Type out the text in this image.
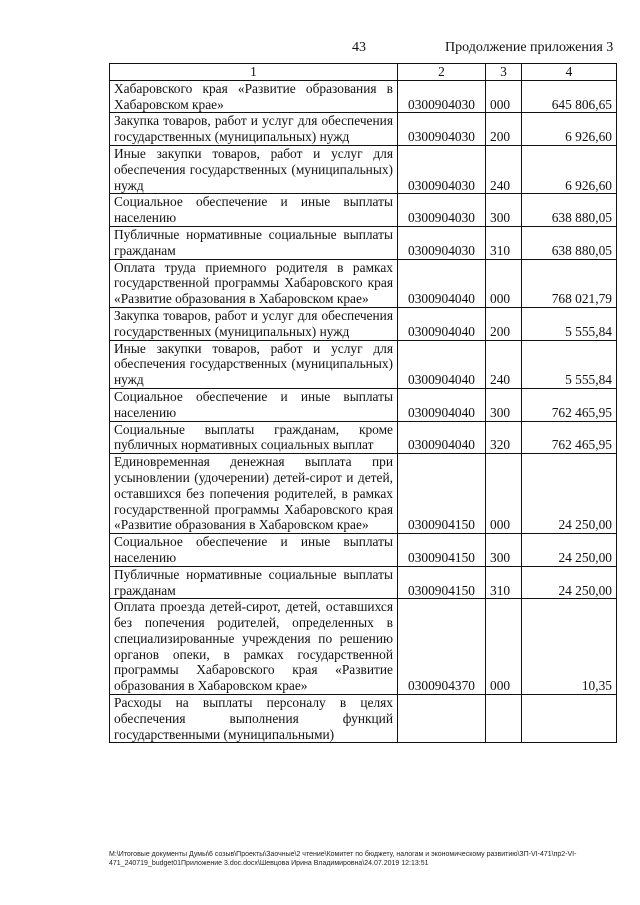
43	Продолжение приложения 3
1	2	3	4
Хабаровского края «Развитие образования в Хабаровском крае»	0300904030	000	645 806,65
Закупка товаров, работ и услуг для обеспечения государственных (муниципальных) нужд	0300904030	200	6 926,60
Иные закупки товаров, работ и услуг для обеспечения государственных (муниципальных) нужд	0300904030	240	6 926,60
Социальное обеспечение и иные выплаты населению	0300904030	300	638 880,05
Публичные нормативные социальные выплаты гражданам	0300904030	310	638 880,05
Оплата труда приемного родителя в рамках государственной программы Хабаровского края «Развитие образования в Хабаровском крае»	0300904040	000	768 021,79
Закупка товаров, работ и услуг для обеспечения государственных (муниципальных) нужд	0300904040	200	5 555,84
Иные закупки товаров, работ и услуг для обеспечения государственных (муниципальных) нужд	0300904040	240	5 555,84
Социальное обеспечение и иные выплаты населению	0300904040	300	762 465,95
Социальные выплаты гражданам, кроме публичных нормативных социальных выплат	0300904040	320	762 465,95
Единовременная денежная выплата при усыновлении (удочерении) детей-сирот и детей, оставшихся без попечения родителей, в рамках государственной программы Хабаровского края «Развитие образования в Хабаровском крае»	0300904150	000	24 250,00
Социальное обеспечение и иные выплаты населению	0300904150	300	24 250,00
Публичные нормативные социальные выплаты гражданам	0300904150	310	24 250,00
Оплата проезда детей-сирот, детей, оставшихся без попечения родителей, определенных в специализированные учреждения по решению органов опеки, в рамках государственной программы Хабаровского края «Развитие образования в Хабаровском крае»	0300904370	000	10,35
Расходы на выплаты персоналу в целях обеспечения выполнения функций государственными (муниципальными)			
M:\Итоговые документы Думы\6 созыв\Проекты\Заочные\2 чтение\Комитет по бюджету, налогам и экономическому развитию\ЗП-VI-471\пр2-VI-471_240719_budget01Приложение 3.doc.docx\Шевцова Ирина Владимировна\24.07.2019 12:13:51
